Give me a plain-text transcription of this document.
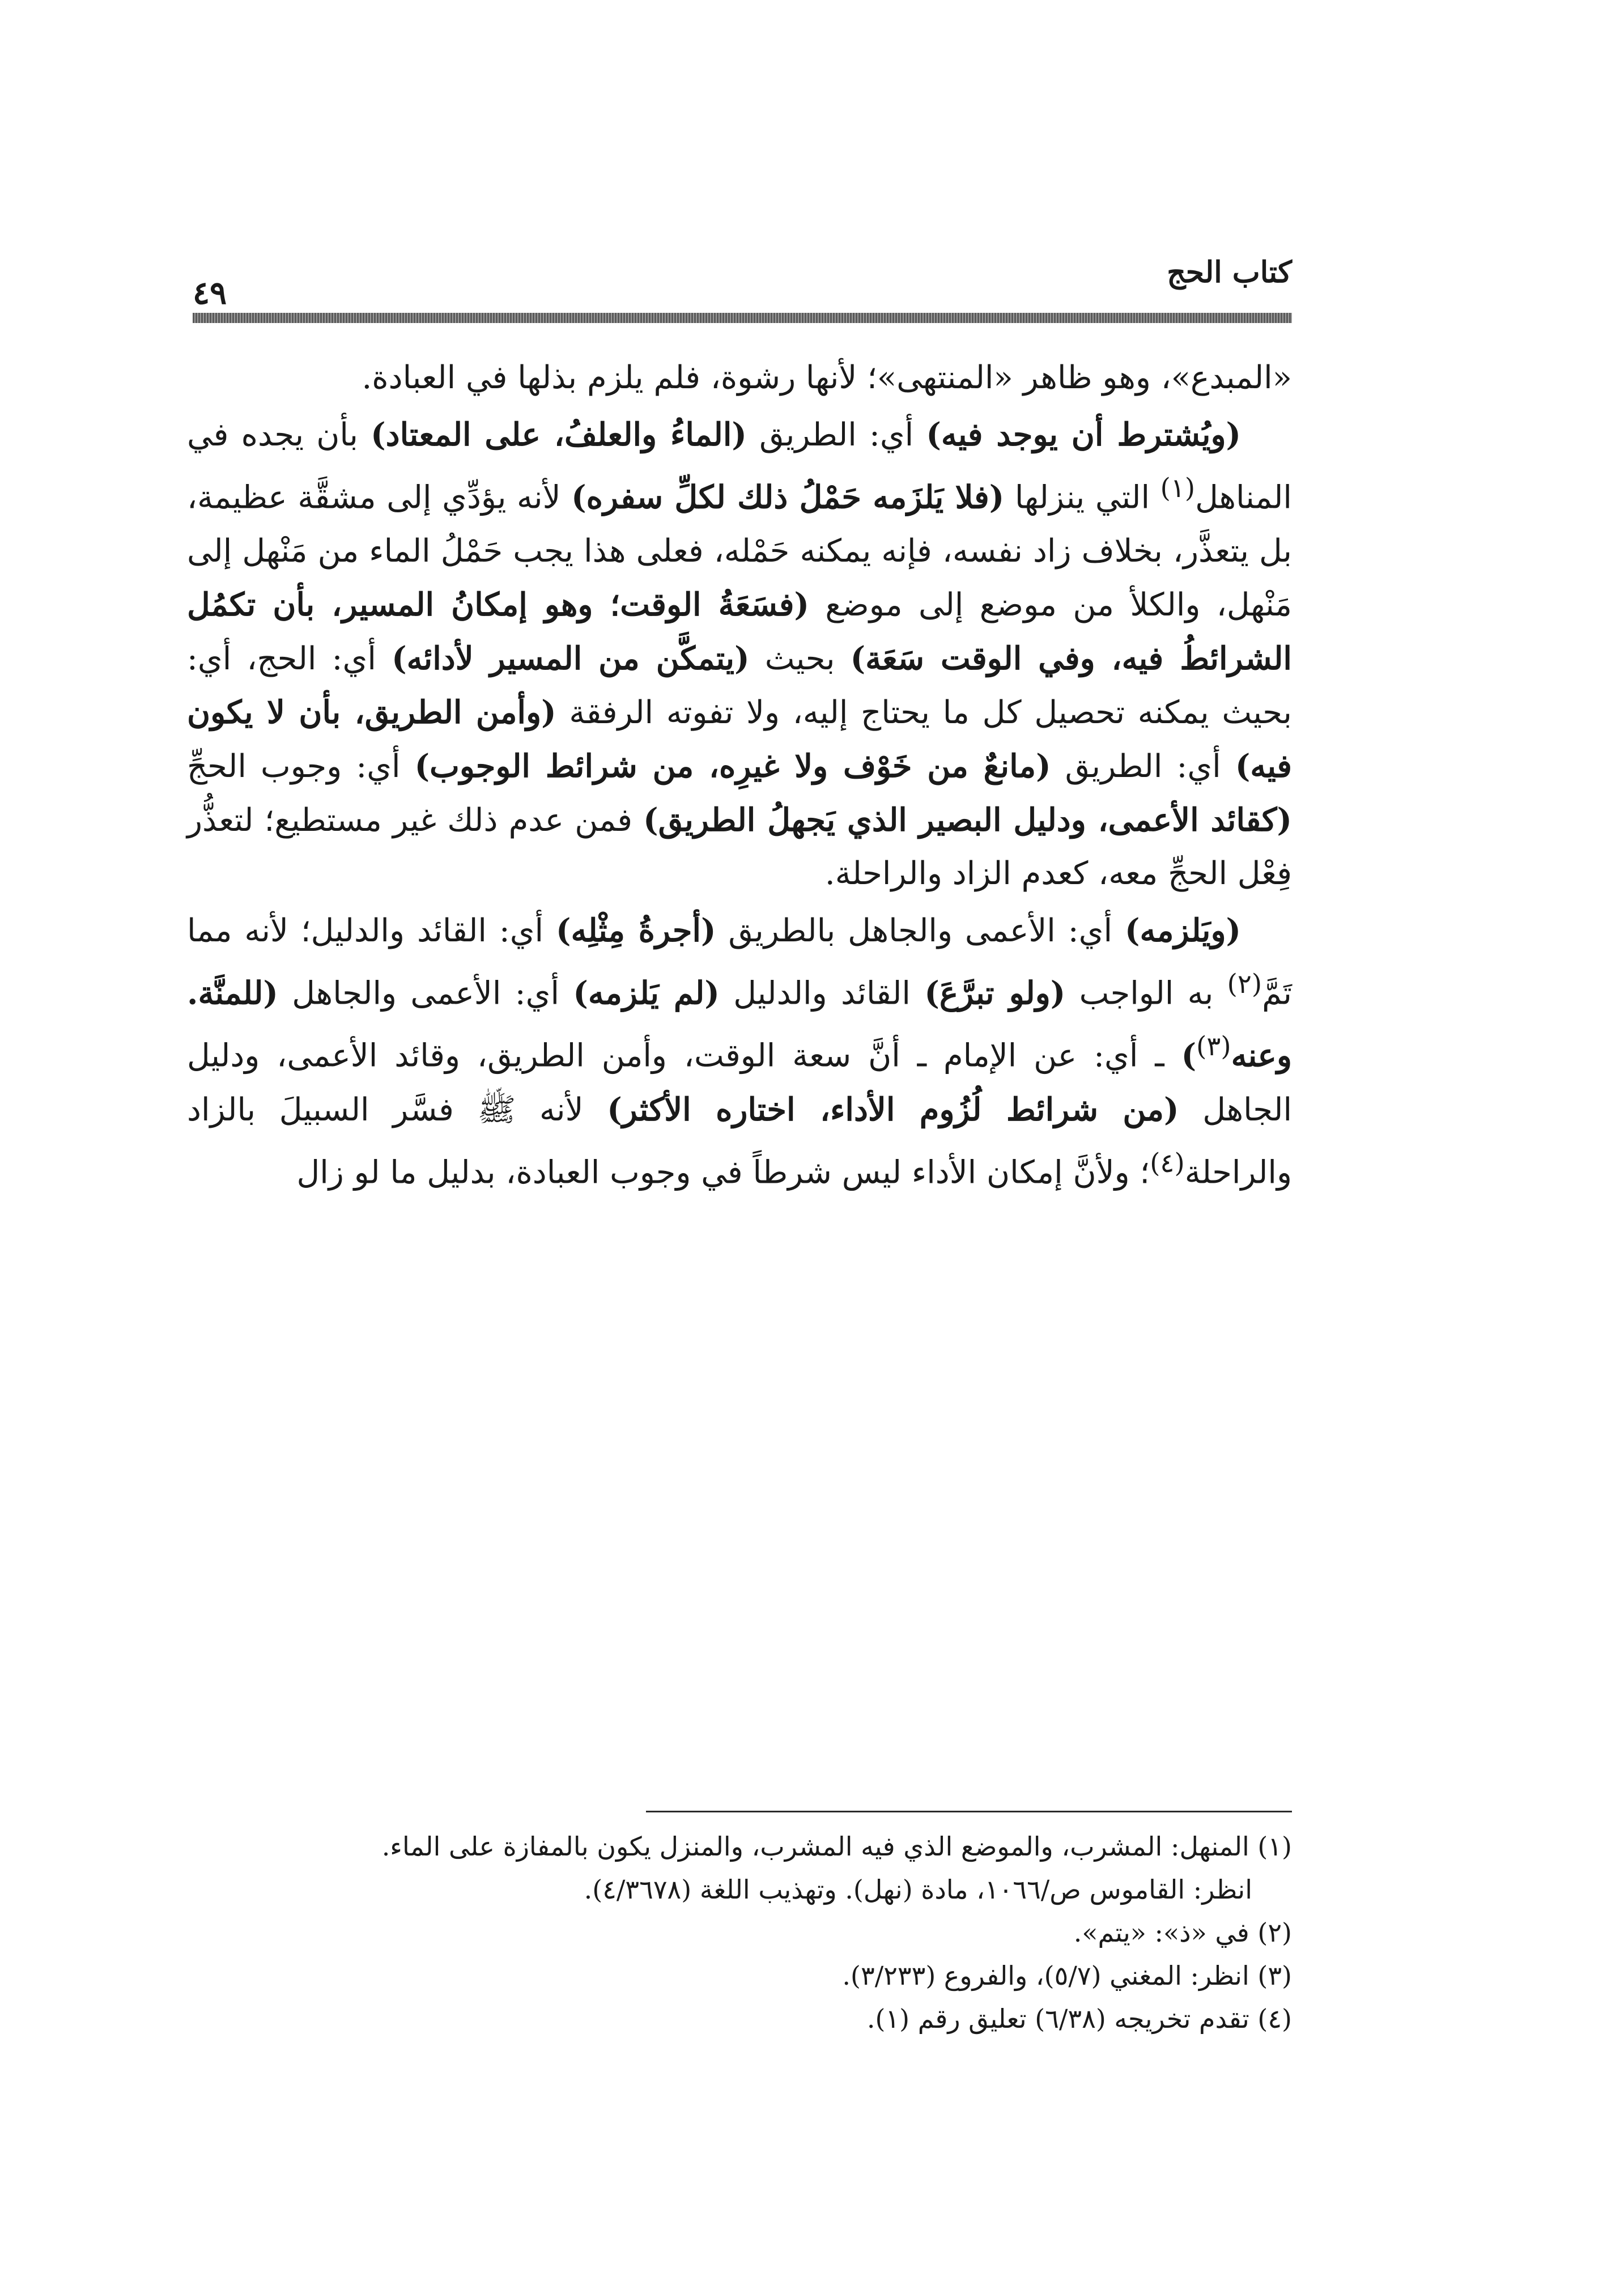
كتاب الحج
٤٩

«المبدع»، وهو ظاهر «المنتهى»؛ لأنها رشوة، فلم يلزم بذلها في العبادة.

(ويُشترط أن يوجد فيه) أي: الطريق (الماءُ والعلفُ، على المعتاد) بأن يجده في المناهل$^{(١)}$ التي ينزلها (فلا يَلزَمه حَمْلُ ذلك لكلِّ سفره) لأنه يؤدِّي إلى مشقَّة عظيمة، بل يتعذَّر، بخلاف زاد نفسه، فإنه يمكنه حَمْله، فعلى هذا يجب حَمْلُ الماء من مَنْهل إلى مَنْهل، والكلأ من موضع إلى موضع (فسَعَةُ الوقت؛ وهو إمكانُ المسير، بأن تكمُل الشرائطُ فيه، وفي الوقت سَعَة) بحيث (يتمكَّن من المسير لأدائه) أي: الحج، أي: بحيث يمكنه تحصيل كل ما يحتاج إليه، ولا تفوته الرفقة (وأمن الطريق، بأن لا يكون فيه) أي: الطريق (مانعٌ من خَوْف ولا غيرِه، من شرائط الوجوب) أي: وجوب الحجِّ (كقائد الأعمى، ودليل البصير الذي يَجهلُ الطريق) فمن عدم ذلك غير مستطيع؛ لتعذُّر فِعْل الحجِّ معه، كعدم الزاد والراحلة.

(ويَلزمه) أي: الأعمى والجاهل بالطريق (أجرةُ مِثْلِه) أي: القائد والدليل؛ لأنه مما تَمَّ$^{(٢)}$ به الواجب (ولو تبرَّعَ) القائد والدليل (لم يَلزمه) أي: الأعمى والجاهل (للمنَّة. وعنه$^{(٣)}$) ـ أي: عن الإمام ـ أنَّ سعة الوقت، وأمن الطريق، وقائد الأعمى، ودليل الجاهل (من شرائط لُزُوم الأداء، اختاره الأكثر) لأنه ﷺ فسَّر السبيلَ بالزاد والراحلة$^{(٤)}$؛ ولأنَّ إمكان الأداء ليس شرطاً في وجوب العبادة، بدليل ما لو زال

(١) المنهل: المشرب، والموضع الذي فيه المشرب، والمنزل يكون بالمفازة على الماء.

انظر: القاموس ص/١٠٦٦، مادة (نهل). وتهذيب اللغة (٤/٣٦٧٨).

(٢) في «ذ»: «يتم».

(٣) انظر: المغني (٥/٧)، والفروع (٣/٢٣٣).

(٤) تقدم تخريجه (٦/٣٨) تعليق رقم (١).
